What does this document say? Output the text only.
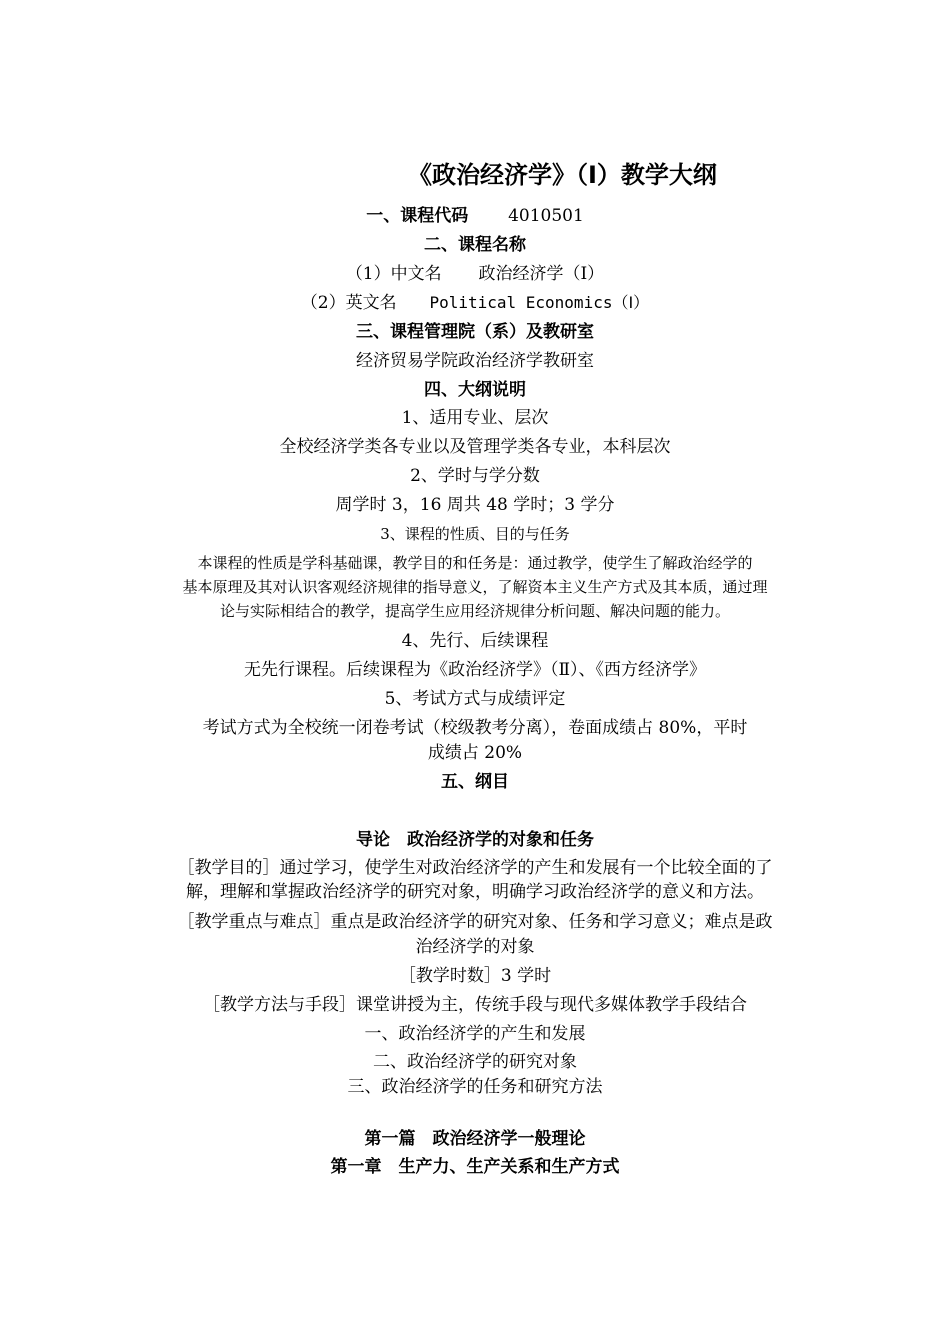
《政治经济学》（Ⅰ）教学大纲
一、课程代码 4010501
二、课程名称
（1）中文名 政治经济学（Ⅰ）
（2）英文名 Political Economics（Ⅰ）
三、课程管理院（系）及教研室
经济贸易学院政治经济学教研室
四、大纲说明
1、适用专业、层次
全校经济学类各专业以及管理学类各专业，本科层次
2、学时与学分数
周学时 3，16 周共 48 学时；3 学分
3、课程的性质、目的与任务
本课程的性质是学科基础课，教学目的和任务是：通过教学，使学生了解政治经学的
基本原理及其对认识客观经济规律的指导意义，了解资本主义生产方式及其本质，通过理
论与实际相结合的教学，提高学生应用经济规律分析问题、解决问题的能力。
4、先行、后续课程
无先行课程。后续课程为《政治经济学》（Ⅱ）、《西方经济学》
5、考试方式与成绩评定
考试方式为全校统一闭卷考试（校级教考分离），卷面成绩占 80%，平时
成绩占 20%
五、纲目
导论　政治经济学的对象和任务
［教学目的］通过学习，使学生对政治经济学的产生和发展有一个比较全面的了
解，理解和掌握政治经济学的研究对象，明确学习政治经济学的意义和方法。
［教学重点与难点］重点是政治经济学的研究对象、任务和学习意义；难点是政
治经济学的对象
［教学时数］3 学时
［教学方法与手段］课堂讲授为主，传统手段与现代多媒体教学手段结合
一、政治经济学的产生和发展
二、政治经济学的研究对象
三、政治经济学的任务和研究方法
第一篇　政治经济学一般理论
第一章　生产力、生产关系和生产方式
